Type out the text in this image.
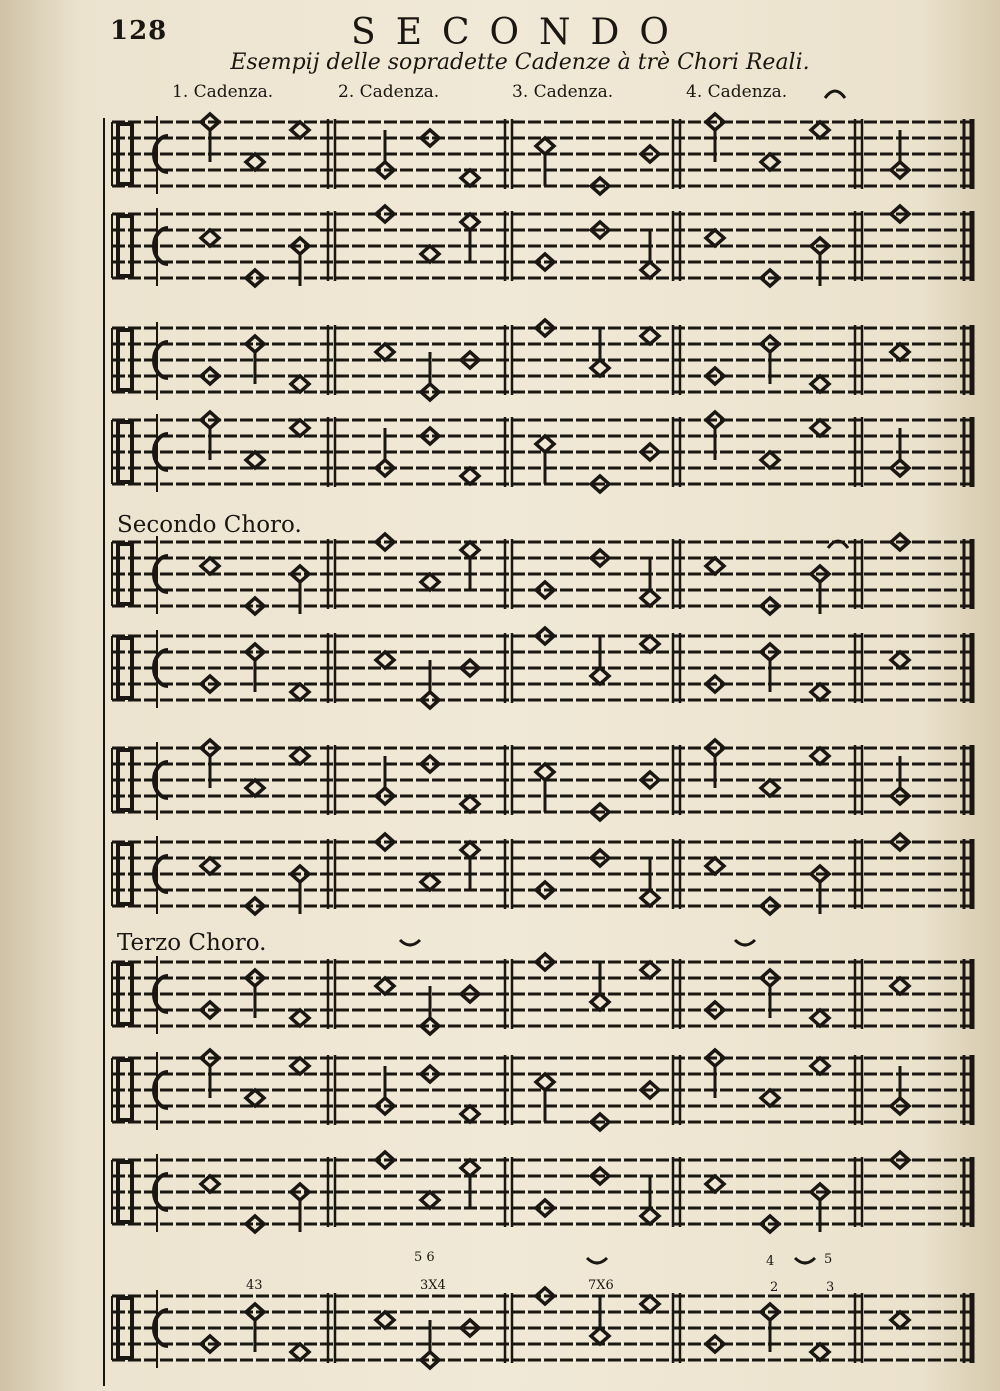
128	SECONDO
Esempij delle sopradette Cadenze à trè Chori Reali.
1. Cadenza.	2. Cadenza.	3. Cadenza.	4. Cadenza.
Secondo Choro.
Terzo Choro.
5 6	4	5
43	3X4	7X6	2	3
